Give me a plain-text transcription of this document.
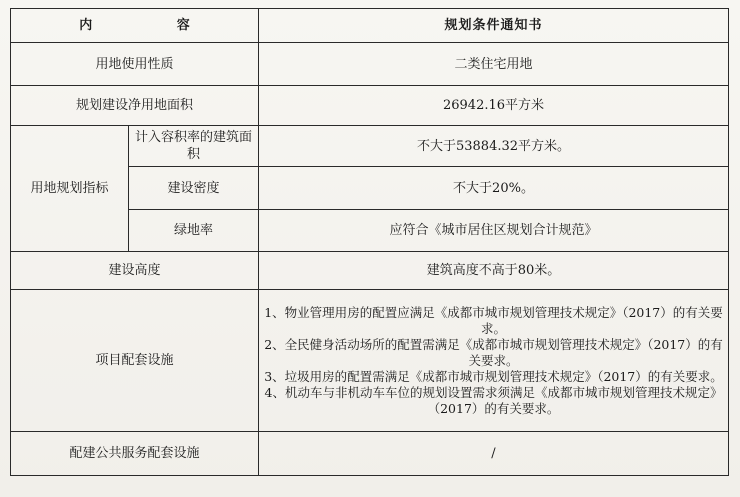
内 容		规划条件通知书
用地使用性质		二类住宅用地
规划建设净用地面积		26942.16平方米
用地规划指标	计入容积率的建筑面积	不大于53884.32平方米。
	建设密度	不大于20%。
	绿地率	应符合《城市居住区规划合计规范》
建设高度		建筑高度不高于80米。
项目配套设施		1、物业管理用房的配置应满足《成都市城市规划管理技术规定》（2017）的有关要求。
2、全民健身活动场所的配置需满足《成都市城市规划管理技术规定》（2017）的有关要求。
3、垃圾用房的配置需满足《成都市城市规划管理技术规定》（2017）的有关要求。
4、机动车与非机动车车位的规划设置需求须满足《成都市城市规划管理技术规定》（2017）的有关要求。

配建公共服务配套设施		/
